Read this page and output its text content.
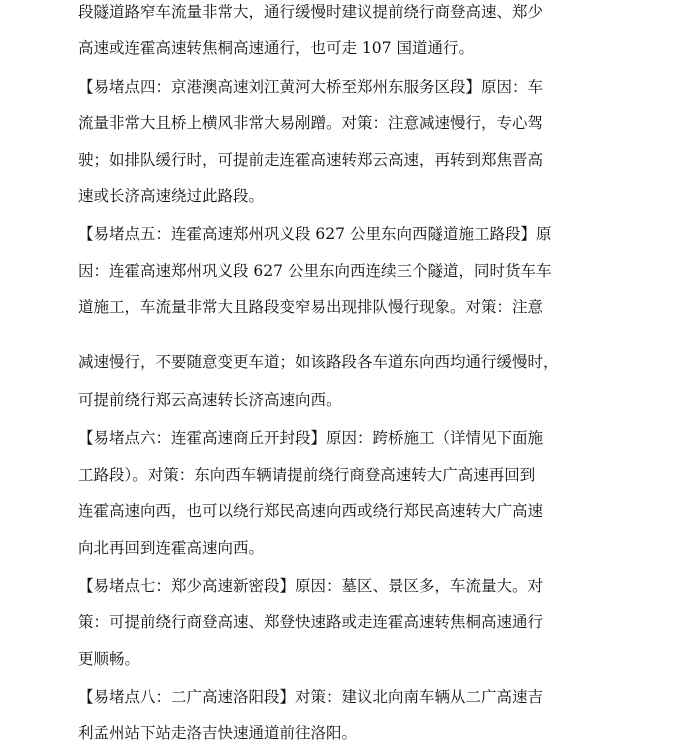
段隧道路窄车流量非常大，通行缓慢时建议提前绕行商登高速、郑少
高速或连霍高速转焦桐高速通行，也可走 107 国道通行。
【易堵点四：京港澳高速刘江黄河大桥至郑州东服务区段】原因：车
流量非常大且桥上横风非常大易剐蹭。对策：注意减速慢行，专心驾
驶；如排队缓行时，可提前走连霍高速转郑云高速，再转到郑焦晋高
速或长济高速绕过此路段。
【易堵点五：连霍高速郑州巩义段 627 公里东向西隧道施工路段】原
因：连霍高速郑州巩义段 627 公里东向西连续三个隧道，同时货车车
道施工，车流量非常大且路段变窄易出现排队慢行现象。对策：注意
减速慢行，不要随意变更车道；如该路段各车道东向西均通行缓慢时，
可提前绕行郑云高速转长济高速向西。
【易堵点六：连霍高速商丘开封段】原因：跨桥施工（详情见下面施
工路段）。对策：东向西车辆请提前绕行商登高速转大广高速再回到
连霍高速向西，也可以绕行郑民高速向西或绕行郑民高速转大广高速
向北再回到连霍高速向西。
【易堵点七：郑少高速新密段】原因：墓区、景区多，车流量大。对
策：可提前绕行商登高速、郑登快速路或走连霍高速转焦桐高速通行
更顺畅。
【易堵点八：二广高速洛阳段】对策：建议北向南车辆从二广高速吉
利孟州站下站走洛吉快速通道前往洛阳。
